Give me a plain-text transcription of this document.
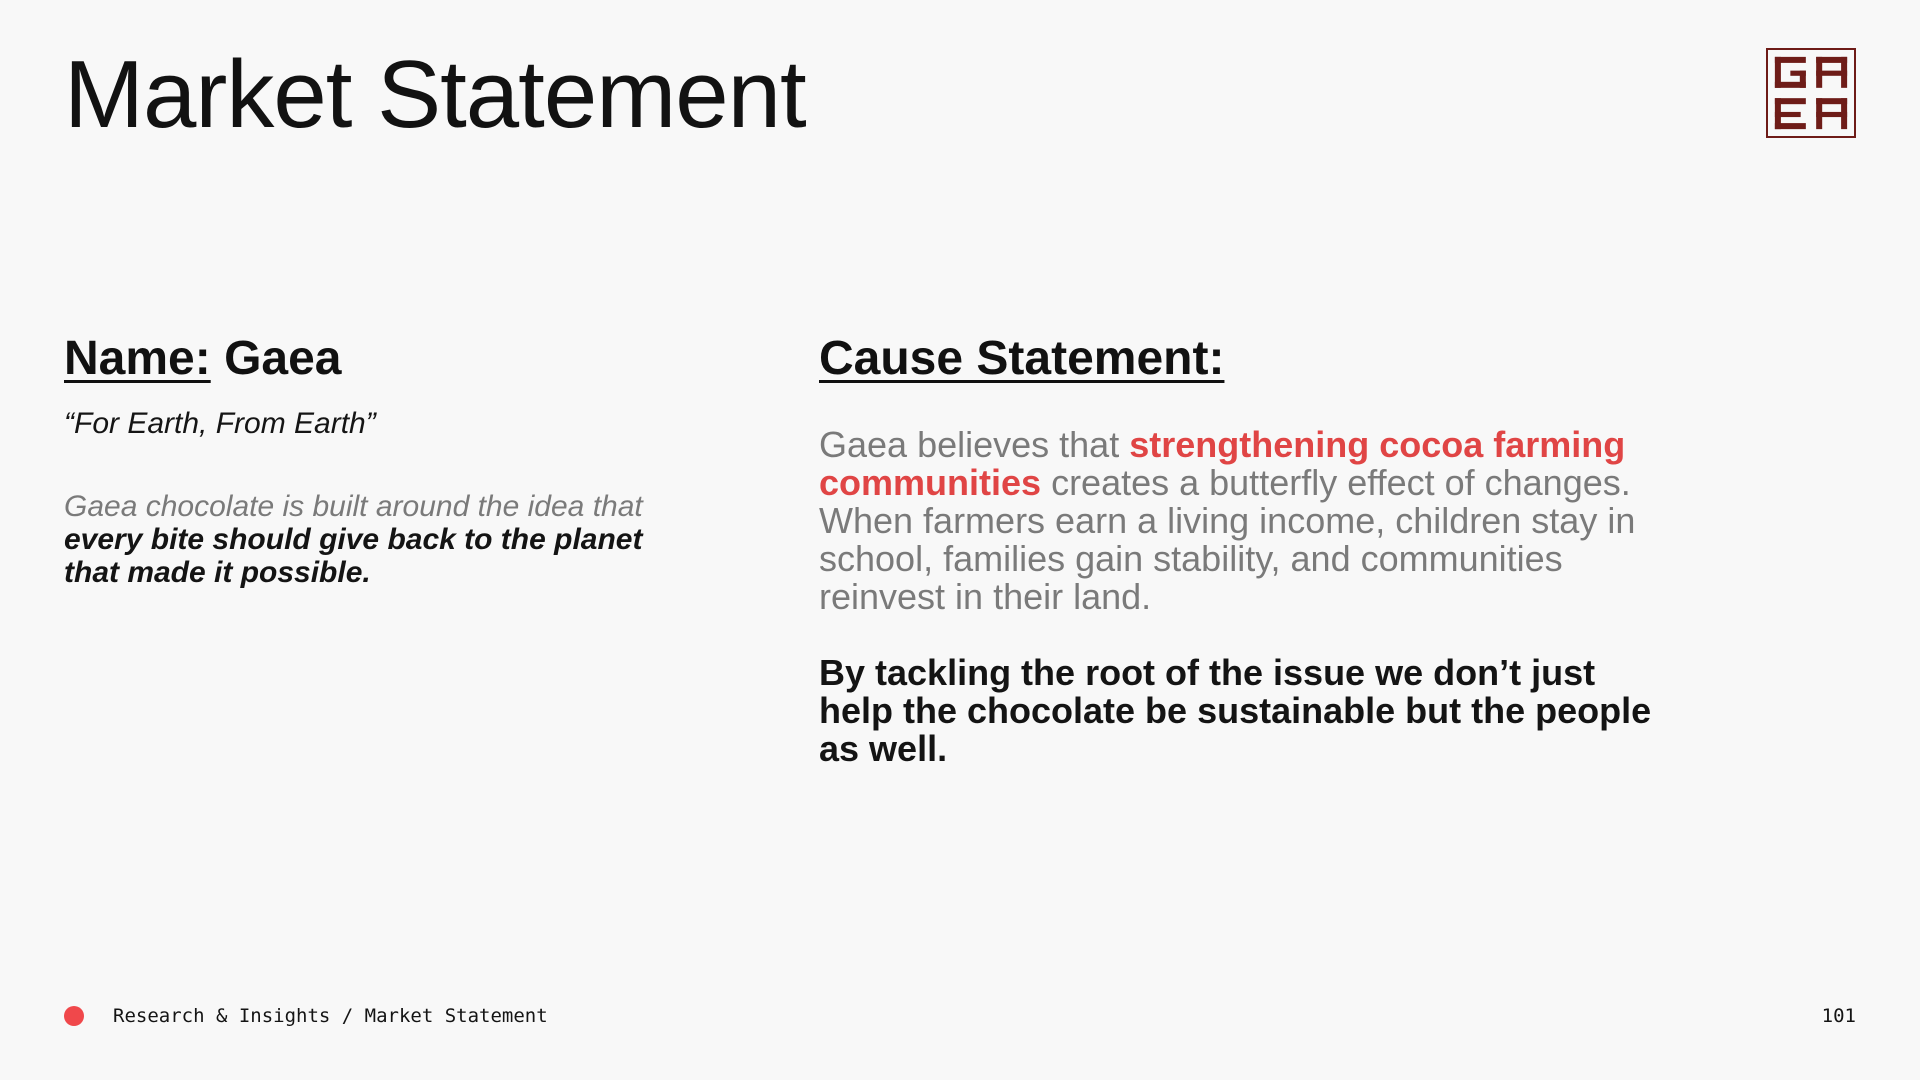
Market Statement
Name: Gaea

“For Earth, From Earth”

Gaea chocolate is built around the idea that every bite should give back to the planet that made it possible.

Cause Statement:

Gaea believes that strengthening cocoa farming communities creates a butterfly effect of changes. When farmers earn a living income, children stay in school, families gain stability, and communities reinvest in their land.

By tackling the root of the issue we don’t just help the chocolate be sustainable but the people as well.

Research & Insights / Market Statement	101
